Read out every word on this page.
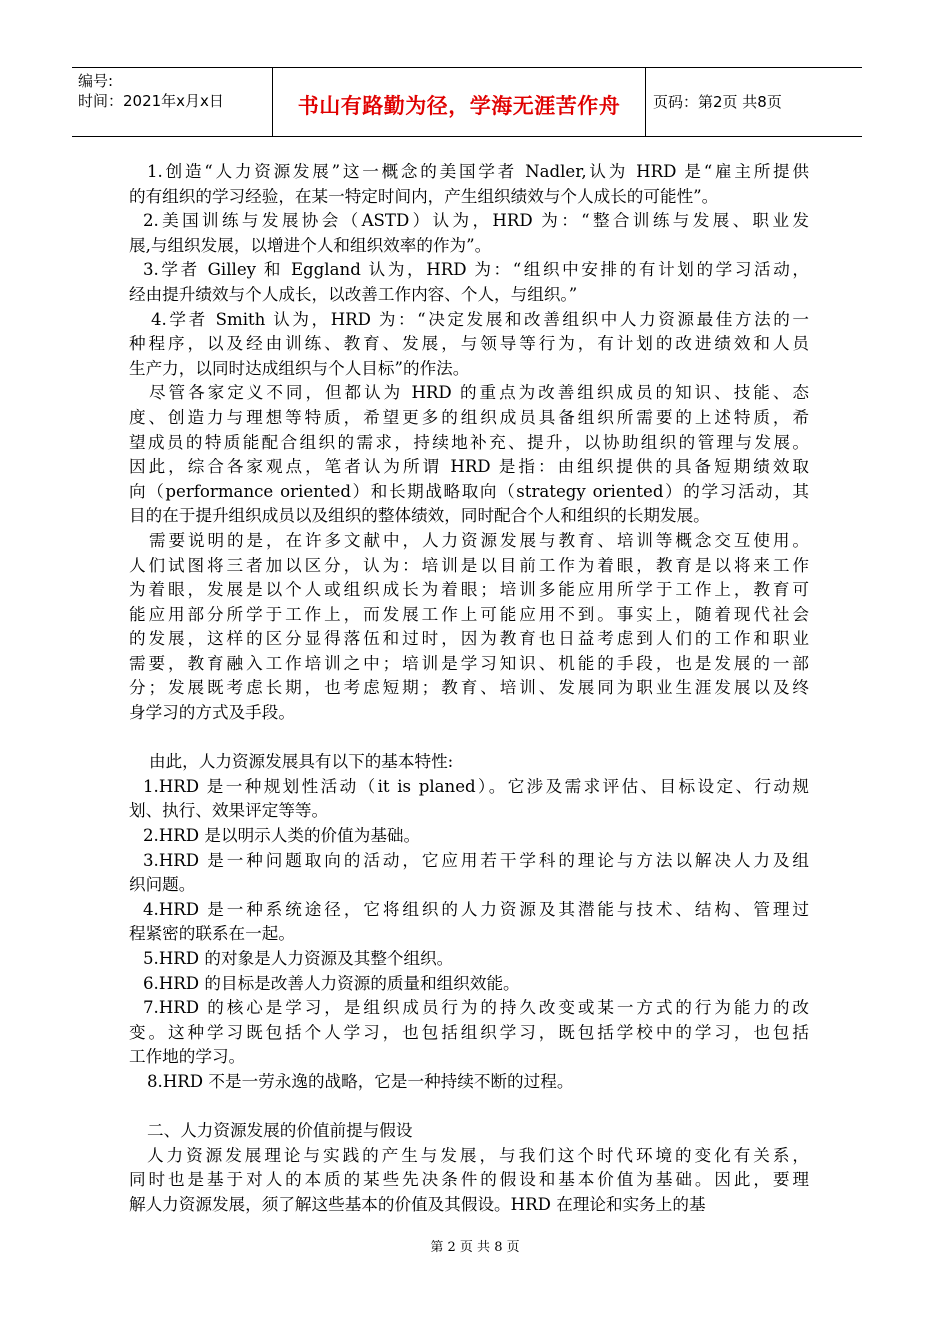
编号:
时间：2021年x月x日	书山有路勤为径，学海无涯苦作舟	页码：第2页 共8页
1.创造“人力资源发展”这一概念的美国学者 Nadler,认为 HRD 是“雇主所提供
的有组织的学习经验，在某一特定时间内，产生组织绩效与个人成长的可能性”。
2.美国训练与发展协会（ASTD）认为，HRD 为：“整合训练与发展、职业发
展,与组织发展，以增进个人和组织效率的作为”。
3.学者 Gilley 和 Eggland 认为，HRD 为：“组织中安排的有计划的学习活动，
经由提升绩效与个人成长，以改善工作内容、个人，与组织。”
4.学者 Smith 认为，HRD 为：“决定发展和改善组织中人力资源最佳方法的一
种程序，以及经由训练、教育、发展，与领导等行为，有计划的改进绩效和人员
生产力，以同时达成组织与个人目标”的作法。
尽管各家定义不同，但都认为 HRD 的重点为改善组织成员的知识、技能、态
度、创造力与理想等特质，希望更多的组织成员具备组织所需要的上述特质，希
望成员的特质能配合组织的需求，持续地补充、提升，以协助组织的管理与发展。
因此，综合各家观点，笔者认为所谓 HRD 是指：由组织提供的具备短期绩效取
向（performance oriented）和长期战略取向（strategy oriented）的学习活动，其
目的在于提升组织成员以及组织的整体绩效，同时配合个人和组织的长期发展。
需要说明的是，在许多文献中，人力资源发展与教育、培训等概念交互使用。
人们试图将三者加以区分，认为：培训是以目前工作为着眼，教育是以将来工作
为着眼，发展是以个人或组织成长为着眼；培训多能应用所学于工作上，教育可
能应用部分所学于工作上，而发展工作上可能应用不到。事实上，随着现代社会
的发展，这样的区分显得落伍和过时，因为教育也日益考虑到人们的工作和职业
需要，教育融入工作培训之中；培训是学习知识、机能的手段，也是发展的一部
分；发展既考虑长期，也考虑短期；教育、培训、发展同为职业生涯发展以及终
身学习的方式及手段。
由此，人力资源发展具有以下的基本特性:
1.HRD 是一种规划性活动（it is planed）。它涉及需求评估、目标设定、行动规
划、执行、效果评定等等。
2.HRD 是以明示人类的价值为基础。
3.HRD 是一种问题取向的活动，它应用若干学科的理论与方法以解决人力及组
织问题。
4.HRD 是一种系统途径，它将组织的人力资源及其潜能与技术、结构、管理过
程紧密的联系在一起。
5.HRD 的对象是人力资源及其整个组织。
6.HRD 的目标是改善人力资源的质量和组织效能。
7.HRD 的核心是学习，是组织成员行为的持久改变或某一方式的行为能力的改
变。这种学习既包括个人学习，也包括组织学习，既包括学校中的学习，也包括
工作地的学习。
8.HRD 不是一劳永逸的战略，它是一种持续不断的过程。
二、人力资源发展的价值前提与假设
人力资源发展理论与实践的产生与发展，与我们这个时代环境的变化有关系，
同时也是基于对人的本质的某些先决条件的假设和基本价值为基础。因此，要理
解人力资源发展，须了解这些基本的价值及其假设。HRD 在理论和实务上的基
第 2 页 共 8 页
